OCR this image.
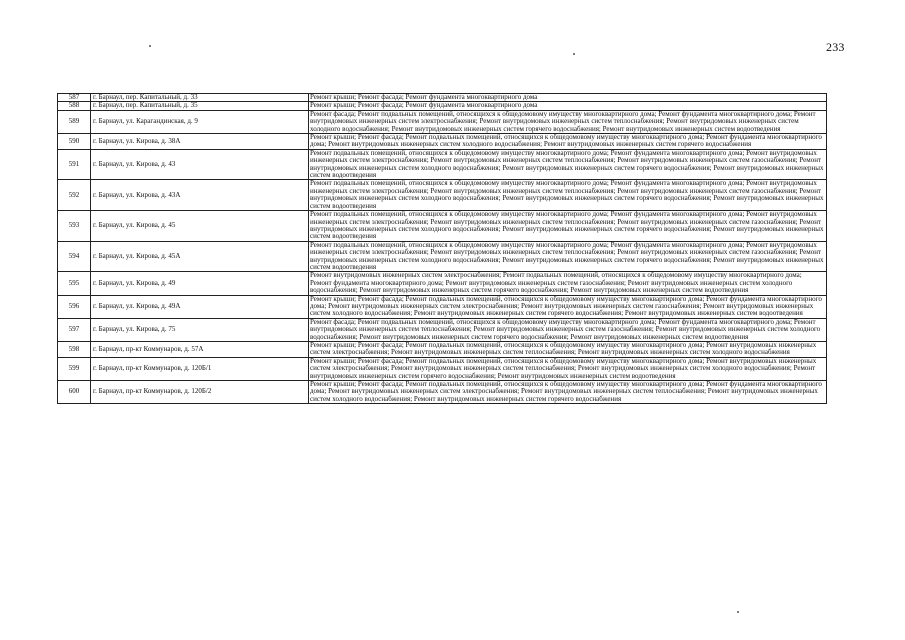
233
587	г. Барнаул, пер. Капитальный, д. 33	Ремонт крыши; Ремонт фасада; Ремонт фундамента многоквартирного дома
588	г. Барнаул, пер. Капитальный, д. 35	Ремонт крыши; Ремонт фасада; Ремонт фундамента многоквартирного дома
589	г. Барнаул, ул. Карагандинская, д. 9	Ремонт фасада; Ремонт подвальных помещений, относящихся к общедомовому имуществу многоквартирного дома; Ремонт фундамента многоквартирного дома; Ремонт внутридомовых инженерных систем электроснабжения; Ремонт внутридомовых инженерных систем теплоснабжения; Ремонт внутридомовых инженерных систем холодного водоснабжения; Ремонт внутридомовых инженерных систем горячего водоснабжения; Ремонт внутридомовых инженерных систем водоотведения
590	г. Барнаул, ул. Кирова, д. 38А	Ремонт крыши; Ремонт фасада; Ремонт подвальных помещений, относящихся к общедомовому имуществу многоквартирного дома; Ремонт фундамента многоквартирного дома; Ремонт внутридомовых инженерных систем холодного водоснабжения; Ремонт внутридомовых инженерных систем горячего водоснабжения
591	г. Барнаул, ул. Кирова, д. 43	Ремонт подвальных помещений, относящихся к общедомовому имуществу многоквартирного дома; Ремонт фундамента многоквартирного дома; Ремонт внутридомовых инженерных систем электроснабжения; Ремонт внутридомовых инженерных систем теплоснабжения; Ремонт внутридомовых инженерных систем газоснабжения; Ремонт внутридомовых инженерных систем холодного водоснабжения; Ремонт внутридомовых инженерных систем горячего водоснабжения; Ремонт внутридомовых инженерных систем водоотведения
592	г. Барнаул, ул. Кирова, д. 43А	Ремонт подвальных помещений, относящихся к общедомовому имуществу многоквартирного дома; Ремонт фундамента многоквартирного дома; Ремонт внутридомовых инженерных систем электроснабжения; Ремонт внутридомовых инженерных систем теплоснабжения; Ремонт внутридомовых инженерных систем газоснабжения; Ремонт внутридомовых инженерных систем холодного водоснабжения; Ремонт внутридомовых инженерных систем горячего водоснабжения; Ремонт внутридомовых инженерных систем водоотведения
593	г. Барнаул, ул. Кирова, д. 45	Ремонт подвальных помещений, относящихся к общедомовому имуществу многоквартирного дома; Ремонт фундамента многоквартирного дома; Ремонт внутридомовых инженерных систем электроснабжения; Ремонт внутридомовых инженерных систем теплоснабжения; Ремонт внутридомовых инженерных систем газоснабжения; Ремонт внутридомовых инженерных систем холодного водоснабжения; Ремонт внутридомовых инженерных систем горячего водоснабжения; Ремонт внутридомовых инженерных систем водоотведения
594	г. Барнаул, ул. Кирова, д. 45А	Ремонт подвальных помещений, относящихся к общедомовому имуществу многоквартирного дома; Ремонт фундамента многоквартирного дома; Ремонт внутридомовых инженерных систем электроснабжения; Ремонт внутридомовых инженерных систем теплоснабжения; Ремонт внутридомовых инженерных систем газоснабжения; Ремонт внутридомовых инженерных систем холодного водоснабжения; Ремонт внутридомовых инженерных систем горячего водоснабжения; Ремонт внутридомовых инженерных систем водоотведения
595	г. Барнаул, ул. Кирова, д. 49	Ремонт внутридомовых инженерных систем электроснабжения; Ремонт подвальных помещений, относящихся к общедомовому имуществу многоквартирного дома; Ремонт фундамента многоквартирного дома; Ремонт внутридомовых инженерных систем газоснабжения; Ремонт внутридомовых инженерных систем холодного водоснабжения; Ремонт внутридомовых инженерных систем горячего водоснабжения; Ремонт внутридомовых инженерных систем водоотведения
596	г. Барнаул, ул. Кирова, д. 49А	Ремонт крыши; Ремонт фасада; Ремонт подвальных помещений, относящихся к общедомовому имуществу многоквартирного дома; Ремонт фундамента многоквартирного дома; Ремонт внутридомовых инженерных систем электроснабжения; Ремонт внутридомовых инженерных систем газоснабжения; Ремонт внутридомовых инженерных систем холодного водоснабжения; Ремонт внутридомовых инженерных систем горячего водоснабжения; Ремонт внутридомовых инженерных систем водоотведения
597	г. Барнаул, ул. Кирова, д. 75	Ремонт фасада; Ремонт подвальных помещений, относящихся к общедомовому имуществу многоквартирного дома; Ремонт фундамента многоквартирного дома; Ремонт внутридомовых инженерных систем теплоснабжения; Ремонт внутридомовых инженерных систем газоснабжения; Ремонт внутридомовых инженерных систем холодного водоснабжения; Ремонт внутридомовых инженерных систем горячего водоснабжения; Ремонт внутридомовых инженерных систем водоотведения
598	г. Барнаул, пр-кт Коммунаров, д. 57А	Ремонт крыши; Ремонт фасада; Ремонт подвальных помещений, относящихся к общедомовому имуществу многоквартирного дома; Ремонт внутридомовых инженерных систем электроснабжения; Ремонт внутридомовых инженерных систем теплоснабжения; Ремонт внутридомовых инженерных систем холодного водоснабжения
599	г. Барнаул, пр-кт Коммунаров, д. 120Б/1	Ремонт крыши; Ремонт фасада; Ремонт подвальных помещений, относящихся к общедомовому имуществу многоквартирного дома; Ремонт внутридомовых инженерных систем электроснабжения; Ремонт внутридомовых инженерных систем теплоснабжения; Ремонт внутридомовых инженерных систем холодного водоснабжения; Ремонт внутридомовых инженерных систем горячего водоснабжения; Ремонт внутридомовых инженерных систем водоотведения
600	г. Барнаул, пр-кт Коммунаров, д. 120Б/2	Ремонт крыши; Ремонт фасада; Ремонт подвальных помещений, относящихся к общедомовому имуществу многоквартирного дома; Ремонт фундамента многоквартирного дома; Ремонт внутридомовых инженерных систем электроснабжения; Ремонт внутридомовых инженерных систем теплоснабжения; Ремонт внутридомовых инженерных систем холодного водоснабжения; Ремонт внутридомовых инженерных систем горячего водоснабжения
